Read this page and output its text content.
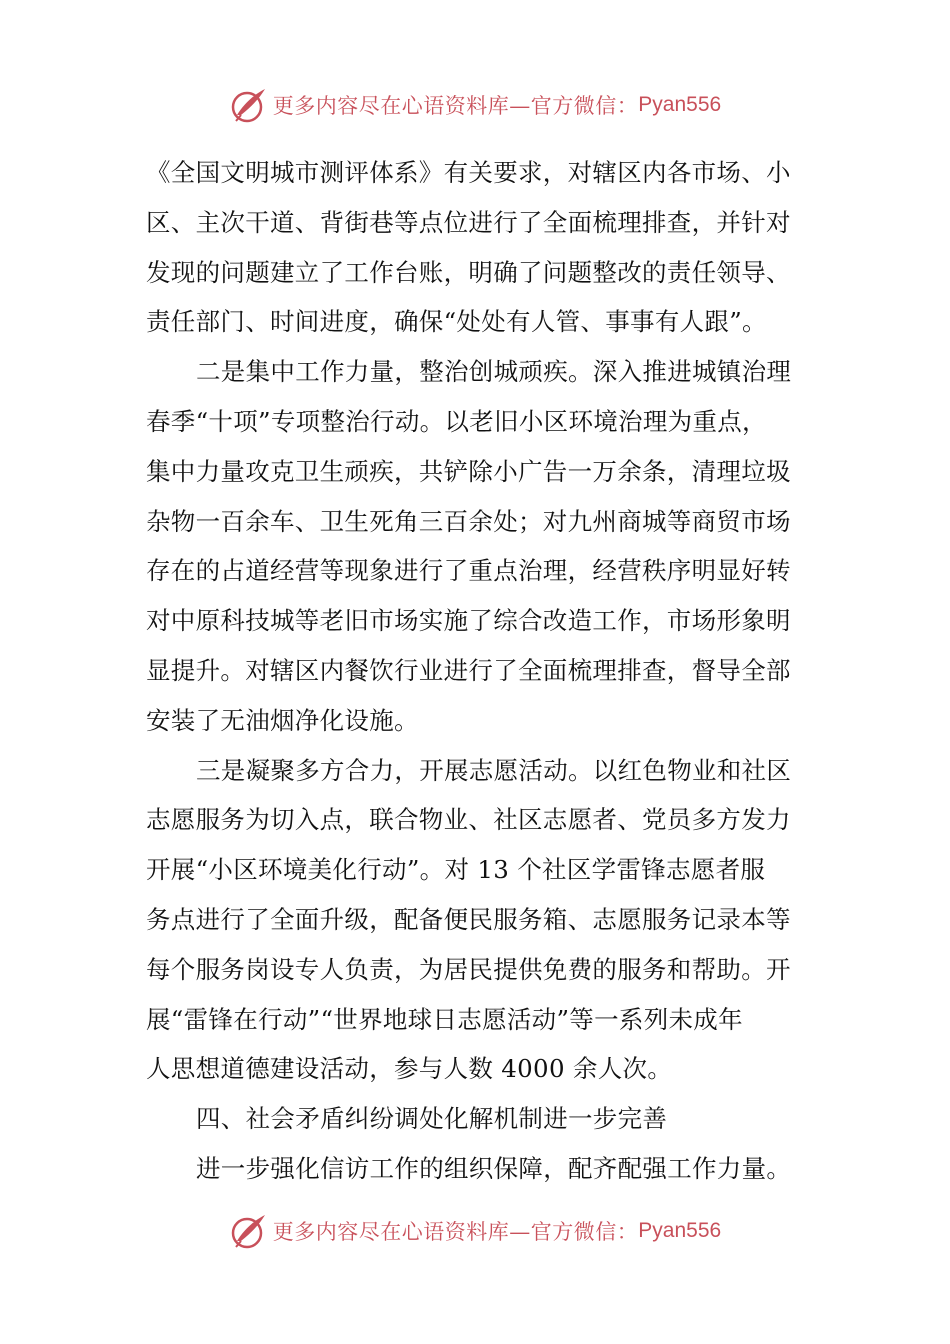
更多内容尽在心语资料库—官方微信： Pyan556
《全国文明城市测评体系》有关要求，对辖区内各市场、小
区、主次干道、背街巷等点位进行了全面梳理排查，并针对
发现的问题建立了工作台账，明确了问题整改的责任领导、
责任部门、时间进度，确保“处处有人管、事事有人跟”。
二是集中工作力量，整治创城顽疾。深入推进城镇治理
春季“十项”专项整治行动。以老旧小区环境治理为重点，
集中力量攻克卫生顽疾，共铲除小广告一万余条，清理垃圾
杂物一百余车、卫生死角三百余处；对九州商城等商贸市场
存在的占道经营等现象进行了重点治理，经营秩序明显好转
对中原科技城等老旧市场实施了综合改造工作，市场形象明
显提升。对辖区内餐饮行业进行了全面梳理排查，督导全部
安装了无油烟净化设施。
三是凝聚多方合力，开展志愿活动。以红色物业和社区
志愿服务为切入点，联合物业、社区志愿者、党员多方发力
开展“小区环境美化行动”。对 13 个社区学雷锋志愿者服
务点进行了全面升级，配备便民服务箱、志愿服务记录本等
每个服务岗设专人负责，为居民提供免费的服务和帮助。开
展“雷锋在行动”“世界地球日志愿活动”等一系列未成年
人思想道德建设活动，参与人数 4000 余人次。
四、社会矛盾纠纷调处化解机制进一步完善
进一步强化信访工作的组织保障，配齐配强工作力量。
更多内容尽在心语资料库—官方微信： Pyan556
